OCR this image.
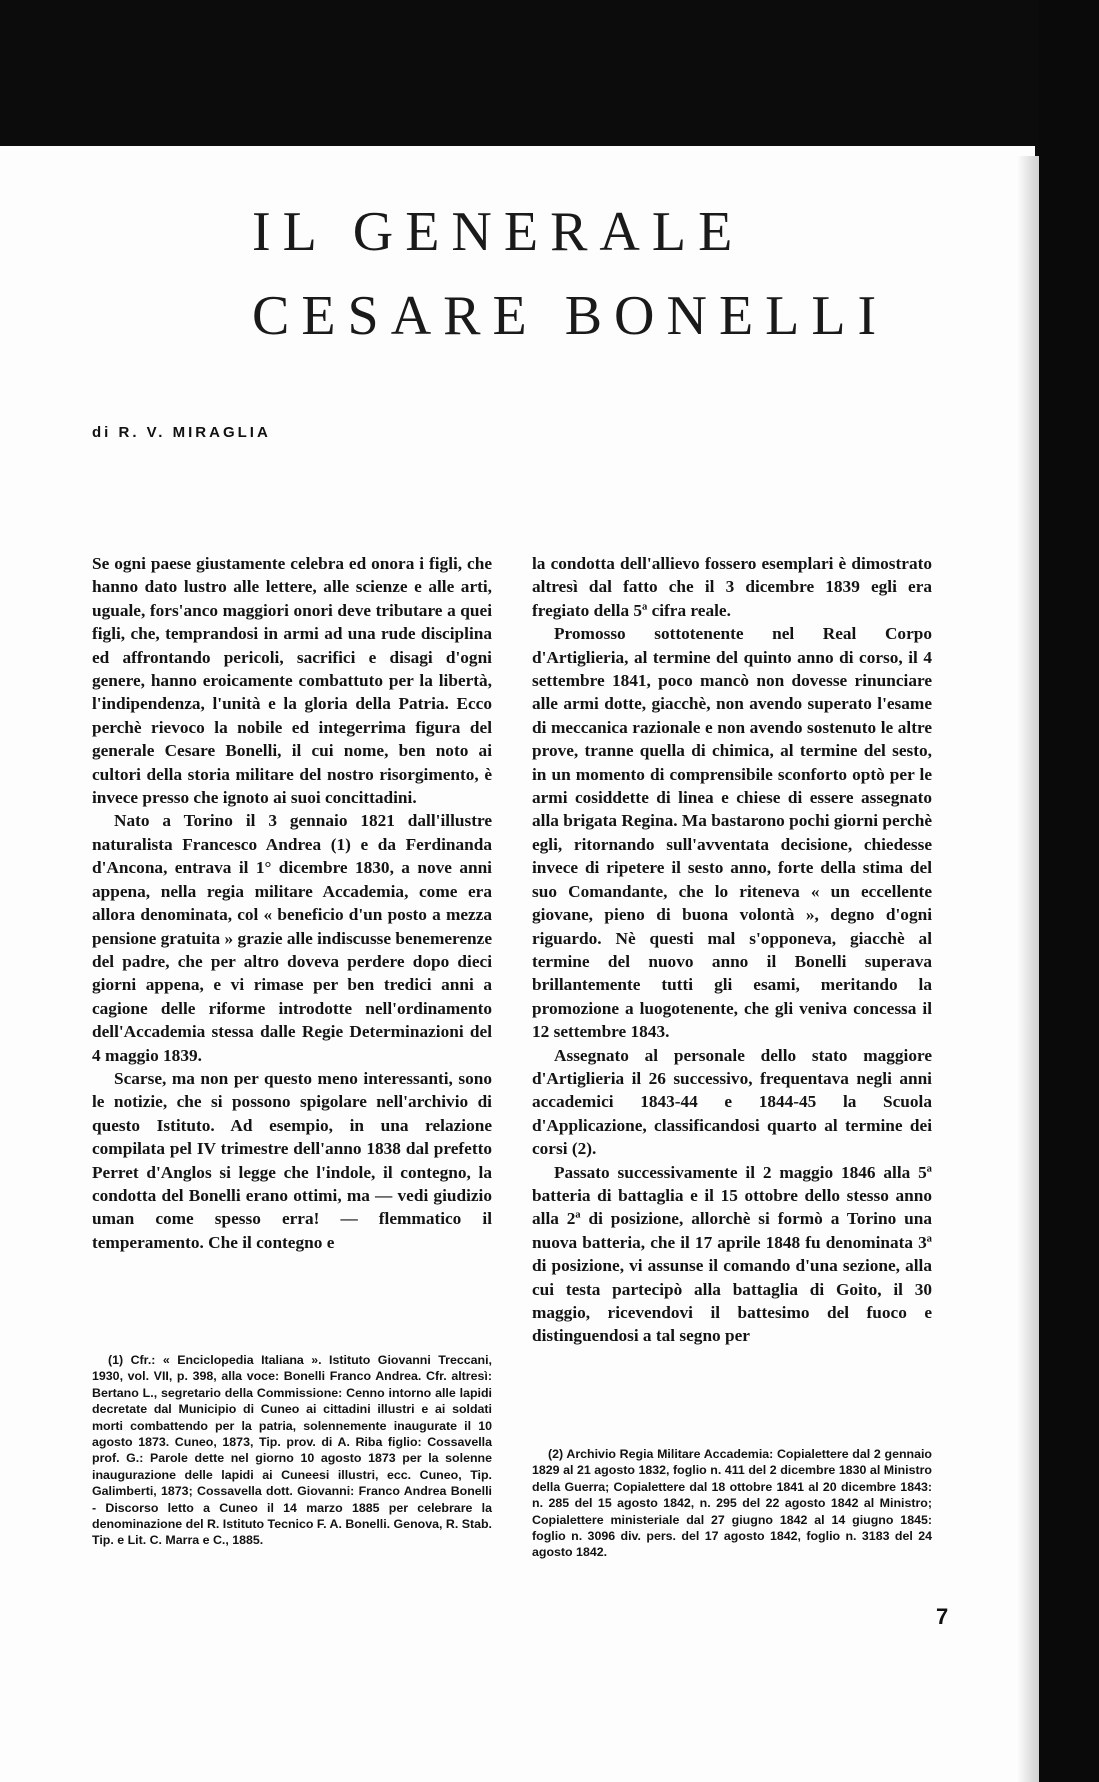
IL GENERALE
CESARE BONELLI
di R. V. MIRAGLIA

Se ogni paese giustamente celebra ed onora i figli, che hanno dato lustro alle lettere, alle scienze e alle arti, uguale, fors'anco maggiori onori deve tributare a quei figli, che, temprandosi in armi ad una rude disciplina ed affrontando pericoli, sacrifici e disagi d'ogni genere, hanno eroicamente combattuto per la libertà, l'indipendenza, l'unità e la gloria della Patria. Ecco perchè rievoco la nobile ed integerrima figura del generale Cesare Bonelli, il cui nome, ben noto ai cultori della storia militare del nostro risorgimento, è invece presso che ignoto ai suoi concittadini.

Nato a Torino il 3 gennaio 1821 dall'illustre naturalista Francesco Andrea (1) e da Ferdinanda d'Ancona, entrava il 1° dicembre 1830, a nove anni appena, nella regia militare Accademia, come era allora denominata, col « beneficio d'un posto a mezza pensione gratuita » grazie alle indiscusse benemerenze del padre, che per altro doveva perdere dopo dieci giorni appena, e vi rimase per ben tredici anni a cagione delle riforme introdotte nell'ordinamento dell'Accademia stessa dalle Regie Determinazioni del 4 maggio 1839.

Scarse, ma non per questo meno interessanti, sono le notizie, che si possono spigolare nell'archivio di questo Istituto. Ad esempio, in una relazione compilata pel IV trimestre dell'anno 1838 dal prefetto Perret d'Anglos si legge che l'indole, il contegno, la condotta del Bonelli erano ottimi, ma — vedi giudizio uman come spesso erra! — flemmatico il temperamento. Che il contegno e

la condotta dell'allievo fossero esemplari è dimostrato altresì dal fatto che il 3 dicembre 1839 egli era fregiato della 5ª cifra reale.

Promosso sottotenente nel Real Corpo d'Artiglieria, al termine del quinto anno di corso, il 4 settembre 1841, poco mancò non dovesse rinunciare alle armi dotte, giacchè, non avendo superato l'esame di meccanica razionale e non avendo sostenuto le altre prove, tranne quella di chimica, al termine del sesto, in un momento di comprensibile sconforto optò per le armi cosiddette di linea e chiese di essere assegnato alla brigata Regina. Ma bastarono pochi giorni perchè egli, ritornando sull'avventata decisione, chiedesse invece di ripetere il sesto anno, forte della stima del suo Comandante, che lo riteneva « un eccellente giovane, pieno di buona volontà », degno d'ogni riguardo. Nè questi mal s'opponeva, giacchè al termine del nuovo anno il Bonelli superava brillantemente tutti gli esami, meritando la promozione a luogotenente, che gli veniva concessa il 12 settembre 1843.

Assegnato al personale dello stato maggiore d'Artiglieria il 26 successivo, frequentava negli anni accademici 1843-44 e 1844-45 la Scuola d'Applicazione, classificandosi quarto al termine dei corsi (2).

Passato successivamente il 2 maggio 1846 alla 5ª batteria di battaglia e il 15 ottobre dello stesso anno alla 2ª di posizione, allorchè si formò a Torino una nuova batteria, che il 17 aprile 1848 fu denominata 3ª di posizione, vi assunse il comando d'una sezione, alla cui testa partecipò alla battaglia di Goito, il 30 maggio, ricevendovi il battesimo del fuoco e distinguendosi a tal segno per

(1) Cfr.: « Enciclopedia Italiana ». Istituto Giovanni Treccani, 1930, vol. VII, p. 398, alla voce: Bonelli Franco Andrea. Cfr. altresì: Bertano L., segretario della Commissione: Cenno intorno alle lapidi decretate dal Municipio di Cuneo ai cittadini illustri e ai soldati morti combattendo per la patria, solennemente inaugurate il 10 agosto 1873. Cuneo, 1873, Tip. prov. di A. Riba figlio: Cossavella prof. G.: Parole dette nel giorno 10 agosto 1873 per la solenne inaugurazione delle lapidi ai Cuneesi illustri, ecc. Cuneo, Tip. Galimberti, 1873; Cossavella dott. Giovanni: Franco Andrea Bonelli - Discorso letto a Cuneo il 14 marzo 1885 per celebrare la denominazione del R. Istituto Tecnico F. A. Bonelli. Genova, R. Stab. Tip. e Lit. C. Marra e C., 1885.

(2) Archivio Regia Militare Accademia: Copialettere dal 2 gennaio 1829 al 21 agosto 1832, foglio n. 411 del 2 dicembre 1830 al Ministro della Guerra; Copialettere dal 18 ottobre 1841 al 20 dicembre 1843: n. 285 del 15 agosto 1842, n. 295 del 22 agosto 1842 al Ministro; Copialettere ministeriale dal 27 giugno 1842 al 14 giugno 1845: foglio n. 3096 div. pers. del 17 agosto 1842, foglio n. 3183 del 24 agosto 1842.

7
